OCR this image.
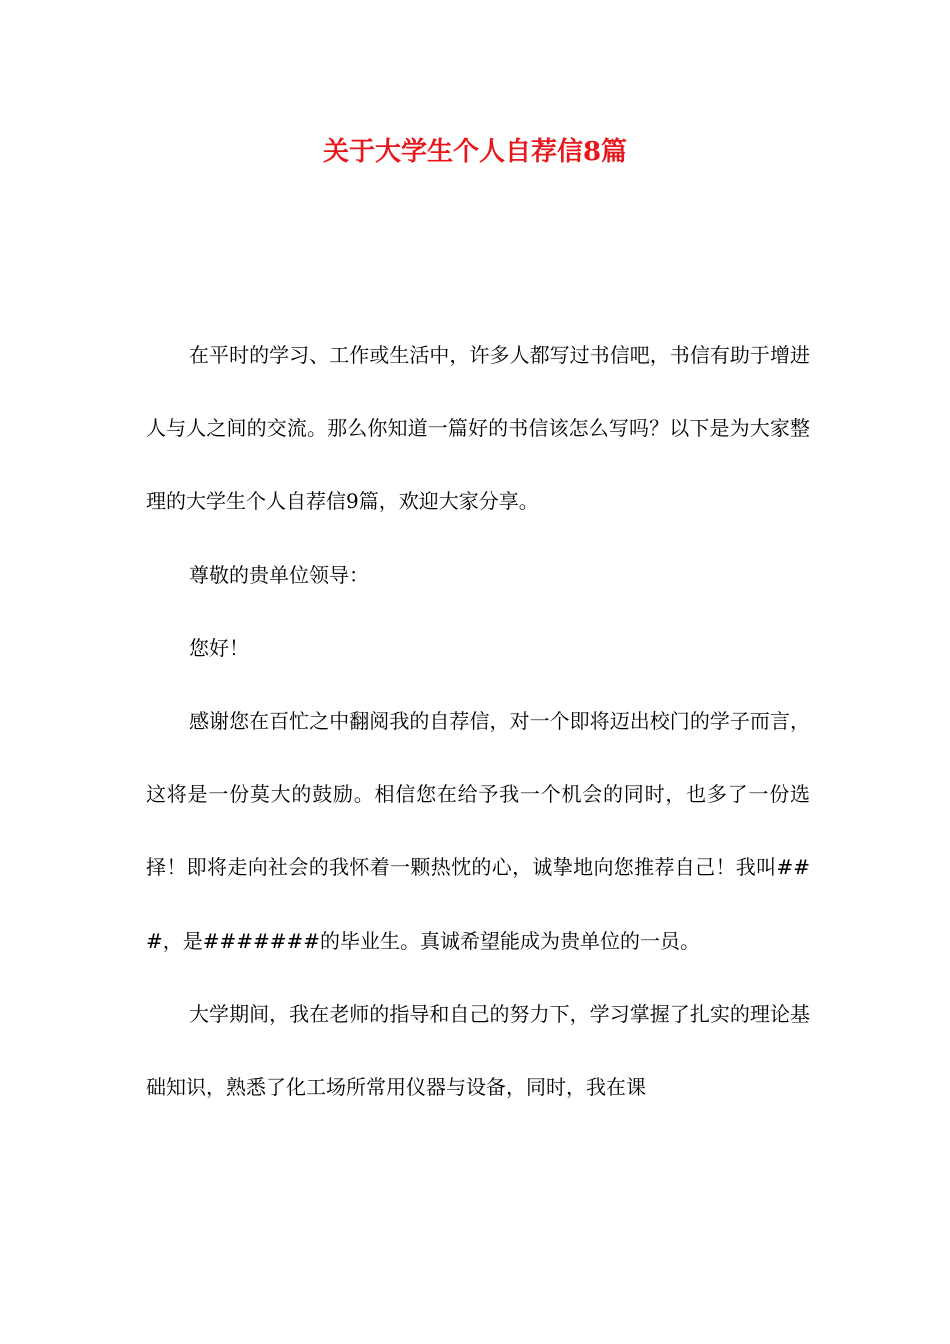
关于大学生个人自荐信8篇

在平时的学习、工作或生活中，许多人都写过书信吧，书信有助于增进人与人之间的交流。那么你知道一篇好的书信该怎么写吗？以下是为大家整理的大学生个人自荐信9篇，欢迎大家分享。

尊敬的贵单位领导：

您好！

感谢您在百忙之中翻阅我的自荐信，对一个即将迈出校门的学子而言，这将是一份莫大的鼓励。相信您在给予我一个机会的同时，也多了一份选择！即将走向社会的我怀着一颗热忱的心，诚挚地向您推荐自己！我叫###，是#######的毕业生。真诚希望能成为贵单位的一员。

大学期间，我在老师的指导和自己的努力下，学习掌握了扎实的理论基础知识，熟悉了化工场所常用仪器与设备，同时，我在课
